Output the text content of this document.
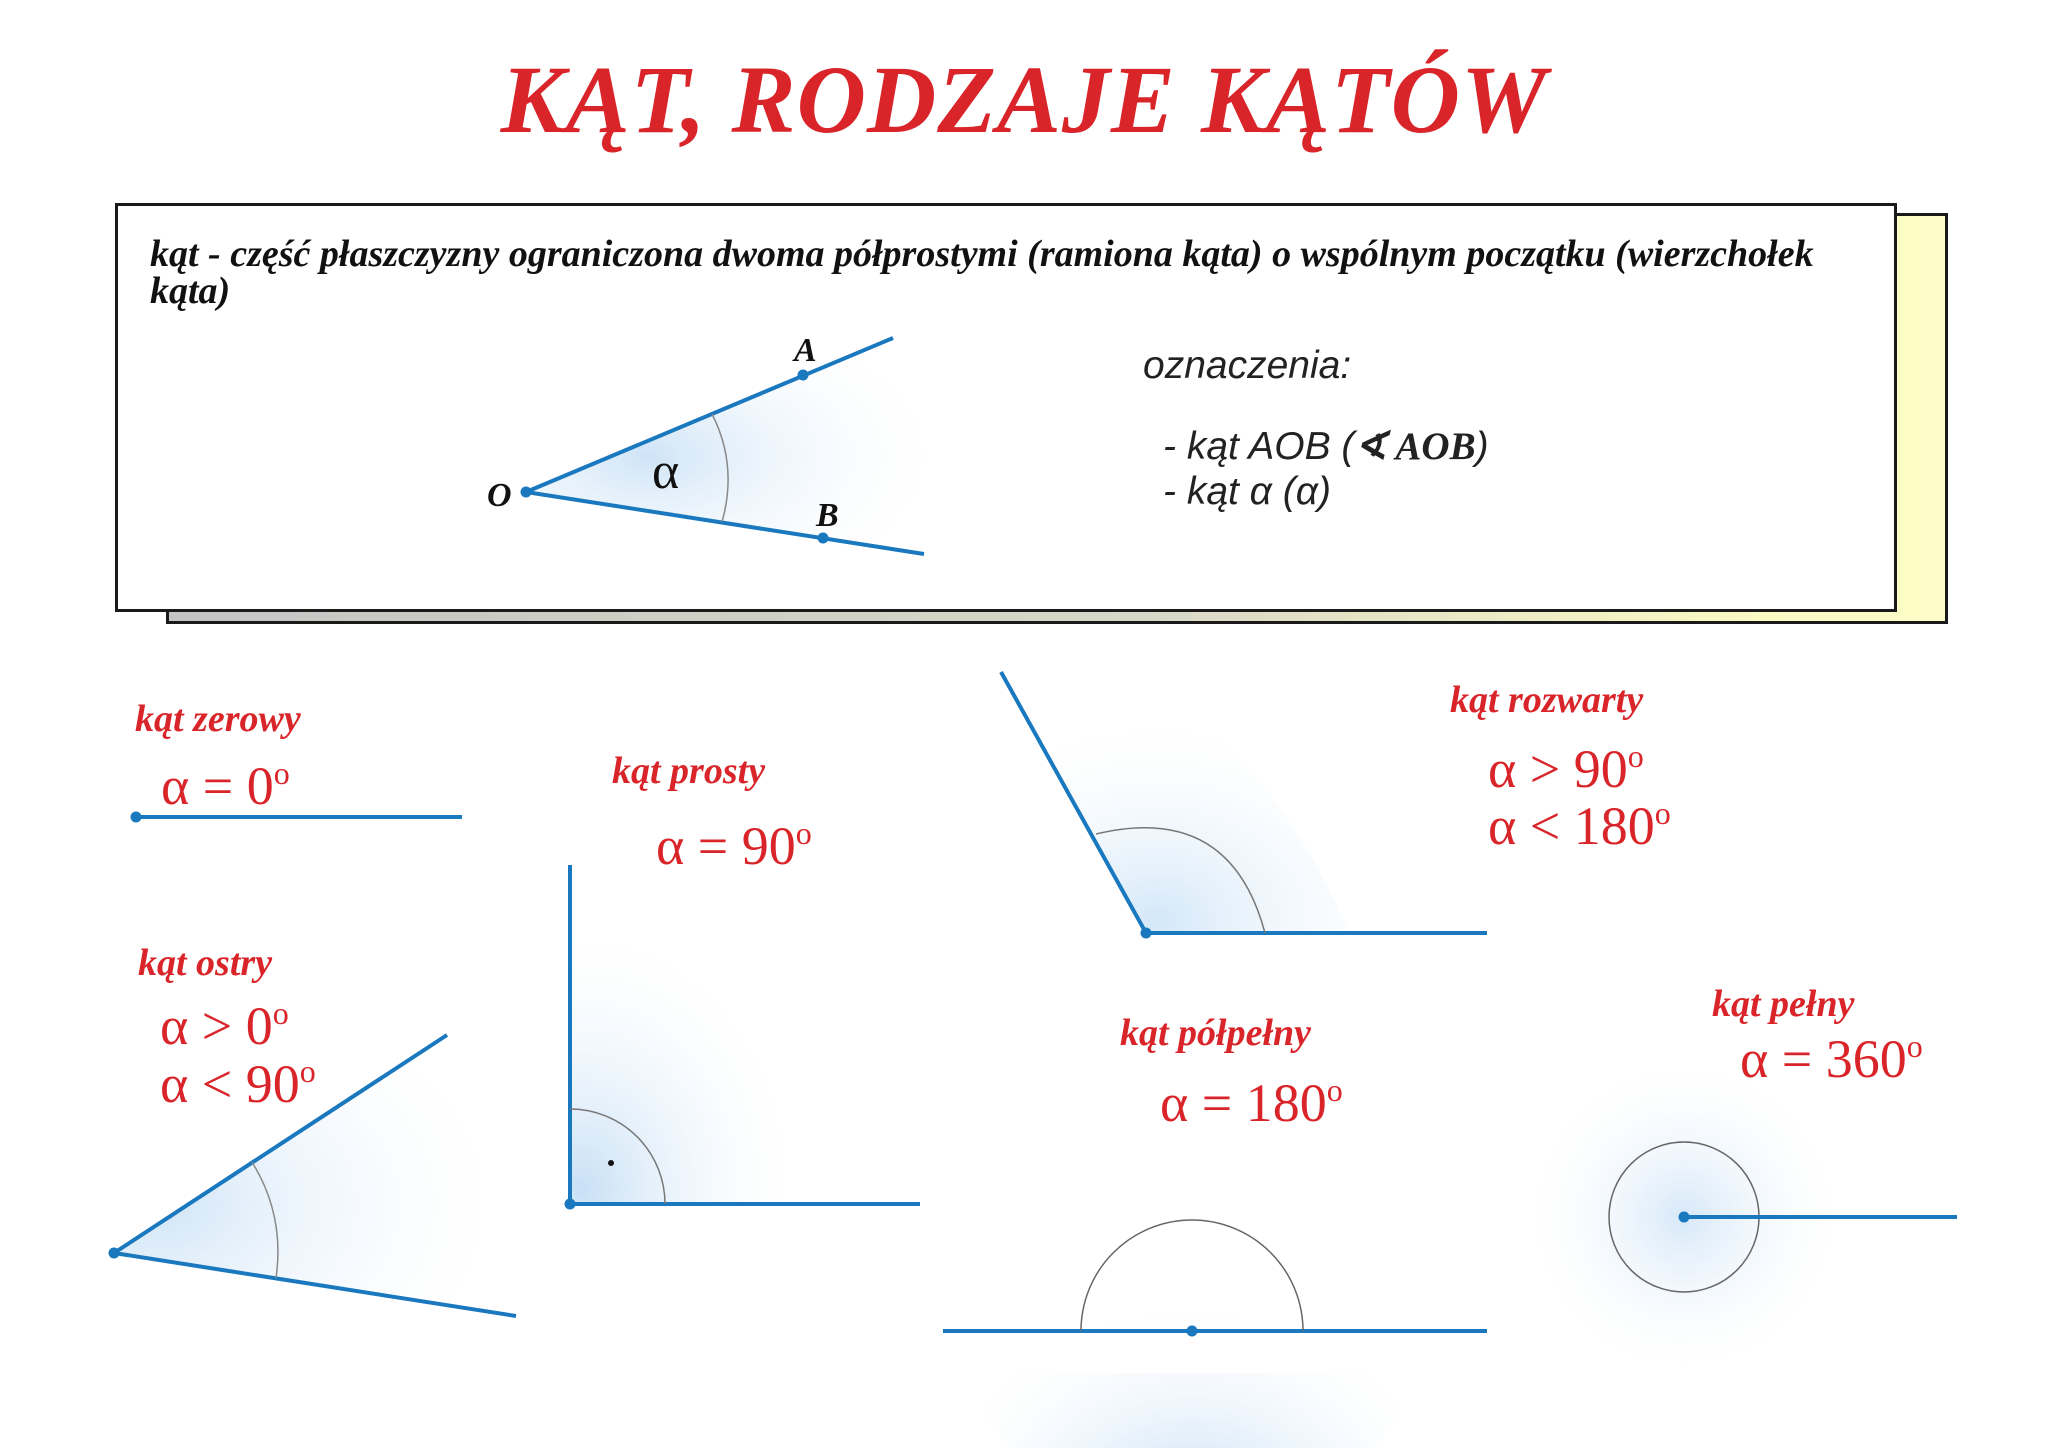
KĄT, RODZAJE KĄTÓW

kąt - część płaszczyzny ograniczona dwoma półprostymi (ramiona kąta) o wspólnym początku (wierzchołek kąta)

oznaczenia:
- kąt AOB (∢ AOB)
- kąt α (α)
O
A
B
α
kąt zerowy
$\alpha = 0^o$	kąt prosty
$\alpha = 90^o$
kąt rozwarty
$\alpha > 90^o$
$\alpha < 180^o$
kąt ostry
$\alpha > 0^o$
$\alpha < 90^o$
kąt półpełny
$\alpha = 180^o$
kąt pełny
$\alpha = 360^o$
